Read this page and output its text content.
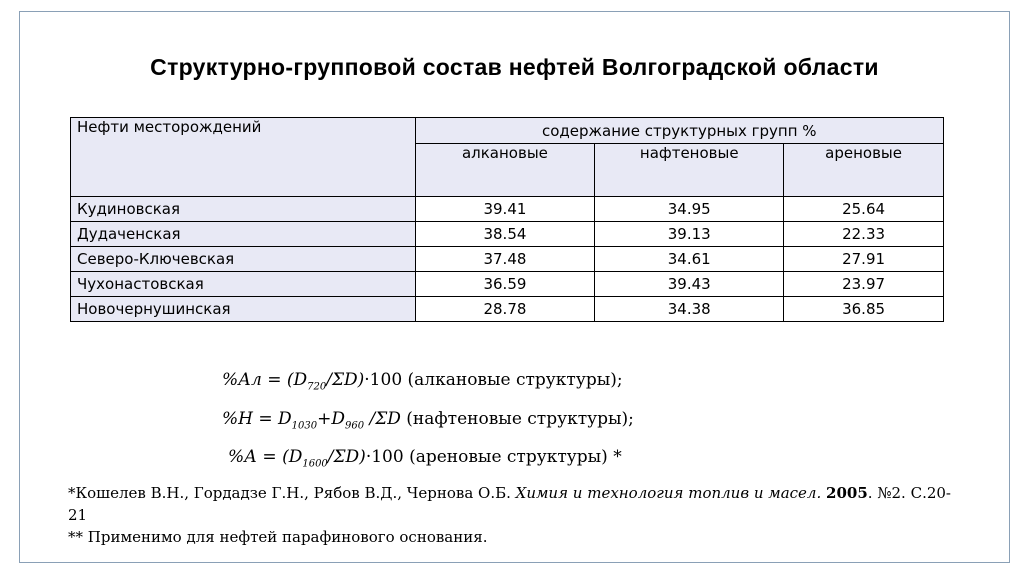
Структурно-групповой состав нефтей Волгоградской области
Нефти месторождений	содержание структурных групп %		
	алкановые	нафтеновые	ареновые
Кудиновская	39.41	34.95	25.64
Дудаченская	38.54	39.13	22.33
Северо-Ключевская	37.48	34.61	27.91
Чухонастовская	36.59	39.43	23.97
Новочернушинская	28.78	34.38	36.85
$\%Ал = (D_{720}/\Sigma D)\cdot 100$ (алкановые структуры);
$\%Н = D_{1030}+D_{960}$ /ΣD (нафтеновые структуры);
$\%А = (D_{1600}/\Sigma D)\cdot 100$ (ареновые структуры) *
*Кошелев В.Н., Гордадзе Г.Н., Рябов В.Д., Чернова О.Б. Химия и технология топлив и масел. 2005. №2. С.20-21
** Применимо для нефтей парафинового основания.
